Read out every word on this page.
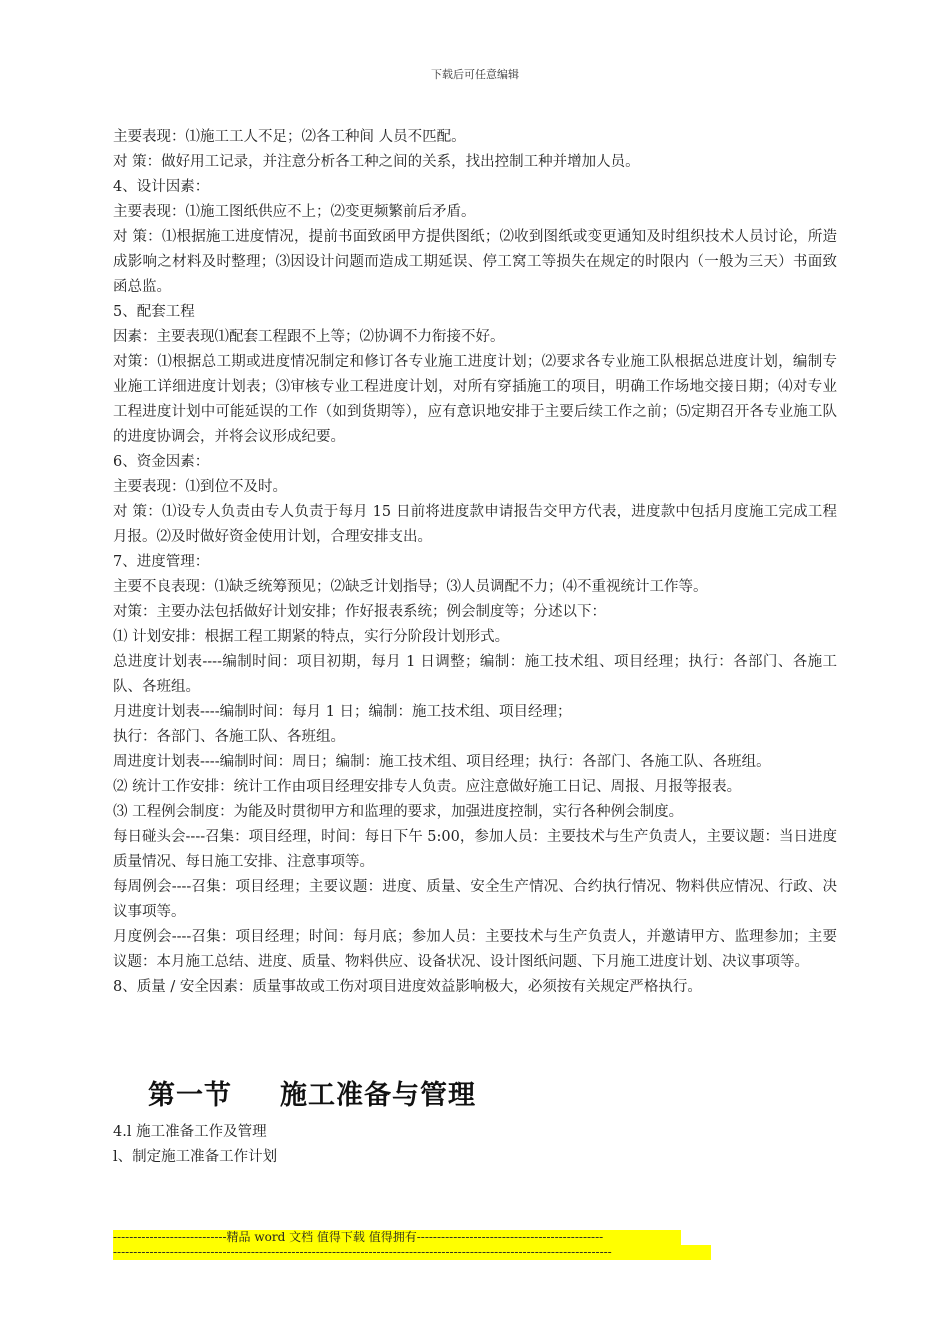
下载后可任意编辑

主要表现：⑴施工工人不足；⑵各工种间 人员不匹配。

对 策：做好用工记录，并注意分析各工种之间的关系，找出控制工种并增加人员。

4、设计因素：

主要表现：⑴施工图纸供应不上；⑵变更频繁前后矛盾。

对 策：⑴根据施工进度情况，提前书面致函甲方提供图纸；⑵收到图纸或变更通知及时组织技术人员讨论，所造成影响之材料及时整理；⑶因设计问题而造成工期延误、停工窝工等损失在规定的时限内（一般为三天）书面致函总监。

5、配套工程

因素：主要表现⑴配套工程跟不上等；⑵协调不力衔接不好。

对策：⑴根据总工期或进度情况制定和修订各专业施工进度计划；⑵要求各专业施工队根据总进度计划，编制专业施工详细进度计划表；⑶审核专业工程进度计划，对所有穿插施工的项目，明确工作场地交接日期；⑷对专业工程进度计划中可能延误的工作（如到货期等），应有意识地安排于主要后续工作之前；⑸定期召开各专业施工队的进度协调会，并将会议形成纪要。

6、资金因素：

主要表现：⑴到位不及时。

对 策：⑴设专人负责由专人负责于每月 15 日前将进度款申请报告交甲方代表，进度款中包括月度施工完成工程月报。⑵及时做好资金使用计划，合理安排支出。

7、进度管理：

主要不良表现：⑴缺乏统筹预见；⑵缺乏计划指导；⑶人员调配不力；⑷不重视统计工作等。

对策：主要办法包括做好计划安排；作好报表系统；例会制度等；分述以下：

⑴ 计划安排：根据工程工期紧的特点，实行分阶段计划形式。

总进度计划表----编制时间：项目初期，每月 1 日调整；编制：施工技术组、项目经理；执行：各部门、各施工队、各班组。

月进度计划表----编制时间：每月 1 日；编制：施工技术组、项目经理；

执行：各部门、各施工队、各班组。

周进度计划表----编制时间：周日；编制：施工技术组、项目经理；执行：各部门、各施工队、各班组。

⑵ 统计工作安排：统计工作由项目经理安排专人负责。应注意做好施工日记、周报、月报等报表。

⑶ 工程例会制度：为能及时贯彻甲方和监理的要求，加强进度控制，实行各种例会制度。

每日碰头会----召集：项目经理，时间：每日下午 5:00，参加人员：主要技术与生产负责人，主要议题：当日进度质量情况、每日施工安排、注意事项等。

每周例会----召集：项目经理；主要议题：进度、质量、安全生产情况、合约执行情况、物料供应情况、行政、决议事项等。

月度例会----召集：项目经理；时间：每月底；参加人员：主要技术与生产负责人，并邀请甲方、监理参加；主要议题：本月施工总结、进度、质量、物料供应、设备状况、设计图纸问题、下月施工进度计划、决议事项等。

8、质量 / 安全因素：质量事故或工伤对项目进度效益影响极大，必须按有关规定严格执行。

第一节 施工准备与管理
4.l 施工准备工作及管理
l、制定施工准备工作计划
----------------------------精品 word 文档 值得下载 值得拥有----------------------------------------------
---------------------------------------------------------------------------------------------------------------------------
